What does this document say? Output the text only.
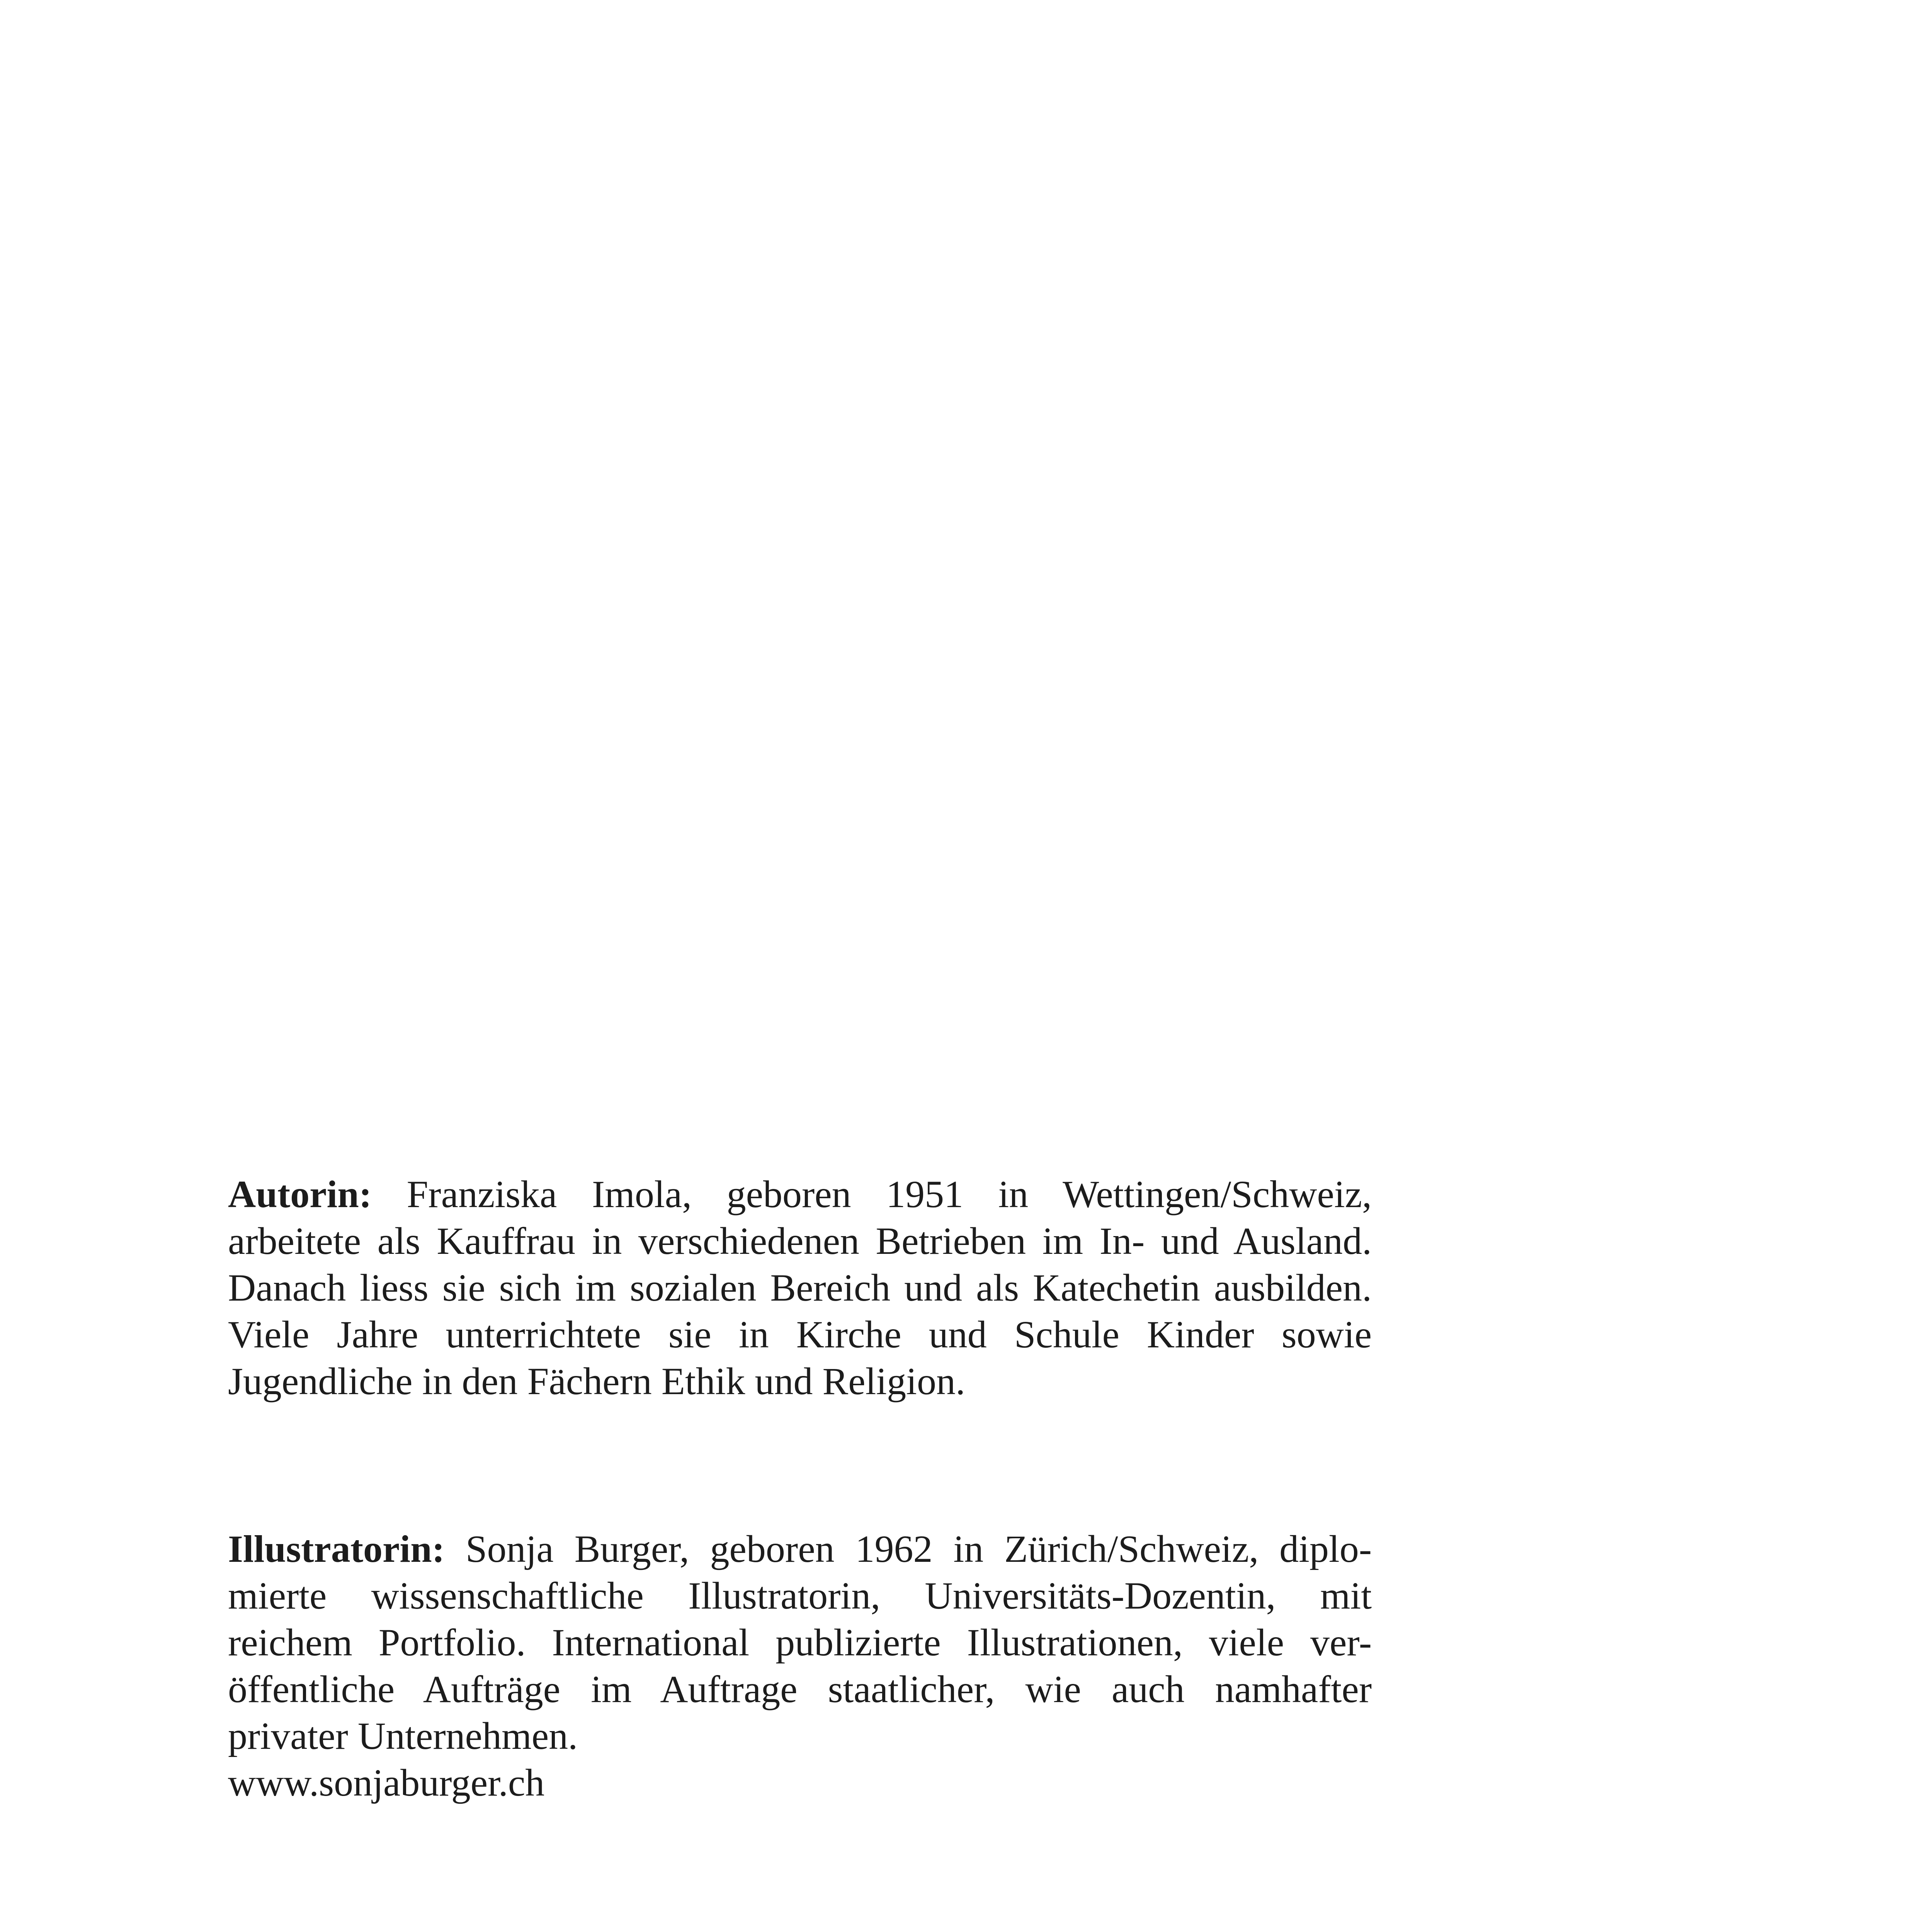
Autorin: Franziska Imola, geboren 1951 in Wettingen/Schweiz,
arbeitete als Kauffrau in verschiedenen Betrieben im In- und Ausland.
Danach liess sie sich im sozialen Bereich und als Katechetin ausbilden.
Viele Jahre unterrichtete sie in Kirche und Schule Kinder sowie
Jugendliche in den Fächern Ethik und Religion.
Illustratorin: Sonja Burger, geboren 1962 in Zürich/Schweiz, diplo-
mierte wissenschaftliche Illustratorin, Universitäts-Dozentin, mit
reichem Portfolio. International publizierte Illustrationen, viele ver-
öffentliche Aufträge im Auftrage staatlicher, wie auch namhafter
privater Unternehmen.
www.sonjaburger.ch
